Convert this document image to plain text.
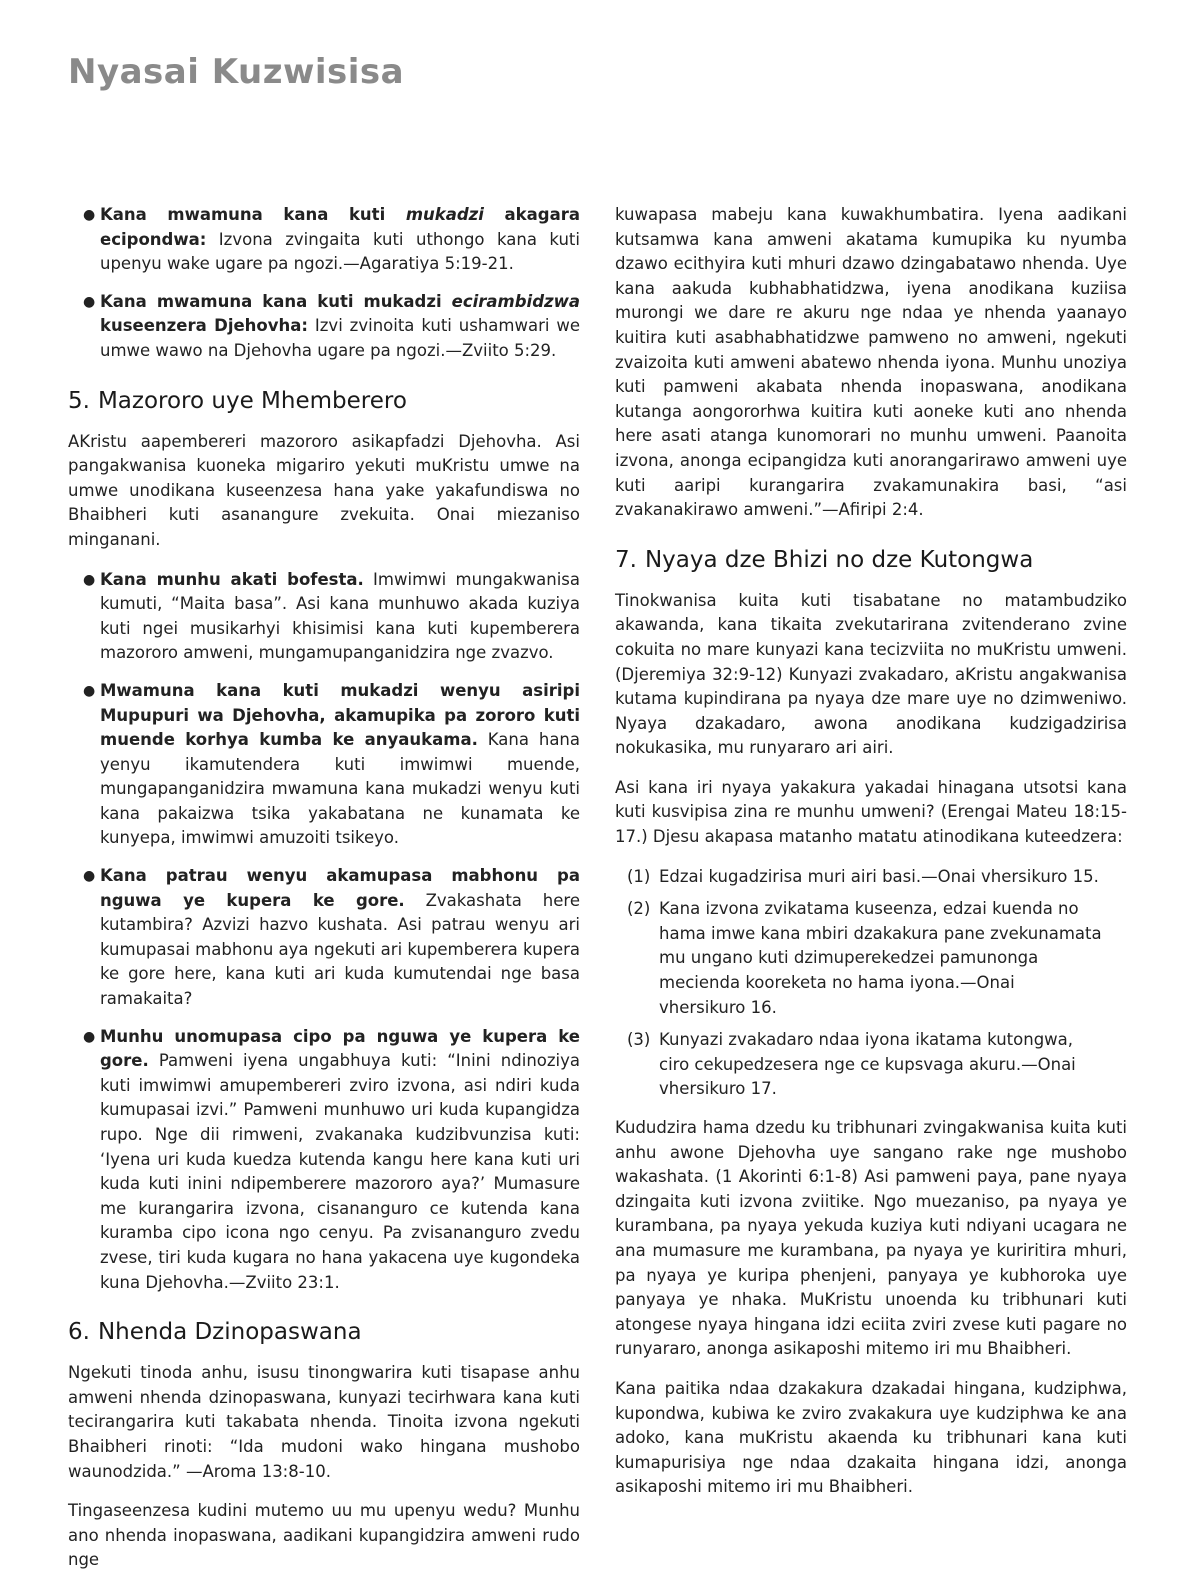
Nyasai Kuzwisisa
● Kana mwamuna kana kuti mukadzi akagara ecipondwa: Izvona zvingaita kuti uthongo kana kuti upenyu wake ugare pa ngozi.—Agaratiya 5:19-21.
● Kana mwamuna kana kuti mukadzi ecirambidzwa kuseenzera Djehovha: Izvi zvinoita kuti ushamwari we umwe wawo na Djehovha ugare pa ngozi.—Zviito 5:29.
5. Mazororo uye Mhemberero

AKristu aapembereri mazororo asikapfadzi Djehovha. Asi pangakwanisa kuoneka migariro yekuti muKristu umwe na umwe unodikana kuseenzesa hana yake yakafundiswa no Bhaibheri kuti asanangure zvekuita. Onai miezaniso minganani.

● Kana munhu akati bofesta. Imwimwi mungakwanisa kumuti, “Maita basa”. Asi kana munhuwo akada kuziya kuti ngei musikarhyi khisimisi kana kuti kupemberera mazororo amweni, mungamupanganidzira nge zvazvo.
● Mwamuna kana kuti mukadzi wenyu asiripi Mupupuri wa Djehovha, akamupika pa zororo kuti muende korhya kumba ke anyaukama. Kana hana yenyu ikamutendera kuti imwimwi muende, mungapanganidzira mwamuna kana mukadzi wenyu kuti kana pakaizwa tsika yakabatana ne kunamata ke kunyepa, imwimwi amuzoiti tsikeyo.
● Kana patrau wenyu akamupasa mabhonu pa nguwa ye kupera ke gore. Zvakashata here kutambira? Azvizi hazvo kushata. Asi patrau wenyu ari kumupasai mabhonu aya ngekuti ari kupemberera kupera ke gore here, kana kuti ari kuda kumutendai nge basa ramakaita?
● Munhu unomupasa cipo pa nguwa ye kupera ke gore. Pamweni iyena ungabhuya kuti: “Inini ndinoziya kuti imwimwi amupembereri zviro izvona, asi ndiri kuda kumupasai izvi.” Pamweni munhuwo uri kuda kupangidza rupo. Nge dii rimweni, zvakanaka kudzibvunzisa kuti: ‘Iyena uri kuda kuedza kutenda kangu here kana kuti uri kuda kuti inini ndipemberere mazororo aya?’ Mumasure me kurangarira izvona, cisananguro ce kutenda kana kuramba cipo icona ngo cenyu. Pa zvisananguro zvedu zvese, tiri kuda kugara no hana yakacena uye kugondeka kuna Djehovha.—Zviito 23:1.
6. Nhenda Dzinopaswana

Ngekuti tinoda anhu, isusu tinongwarira kuti tisapase anhu amweni nhenda dzinopaswana, kunyazi tecirhwara kana kuti tecirangarira kuti takabata nhenda. Tinoita izvona ngekuti Bhaibheri rinoti: “Ida mudoni wako hingana mushobo waunodzida.” —Aroma 13:8-10.

Tingaseenzesa kudini mutemo uu mu upenyu wedu? Munhu ano nhenda inopaswana, aadikani kupangidzira amweni rudo nge

kuwapasa mabeju kana kuwakhumbatira. Iyena aadikani kutsamwa kana amweni akatama kumupika ku nyumba dzawo ecithyira kuti mhuri dzawo dzingabatawo nhenda. Uye kana aakuda kubhabhatidzwa, iyena anodikana kuziisa murongi we dare re akuru nge ndaa ye nhenda yaanayo kuitira kuti asabhabhatidzwe pamweno no amweni, ngekuti zvaizoita kuti amweni abatewo nhenda iyona. Munhu unoziya kuti pamweni akabata nhenda inopaswana, anodikana kutanga aongororhwa kuitira kuti aoneke kuti ano nhenda here asati atanga kunomorari no munhu umweni. Paanoita izvona, anonga ecipangidza kuti anorangarirawo amweni uye kuti aaripi kurangarira zvakamunakira basi, “asi zvakanakirawo amweni.”—Afiripi 2:4.

7. Nyaya dze Bhizi no dze Kutongwa

Tinokwanisa kuita kuti tisabatane no matambudziko akawanda, kana tikaita zvekutarirana zvitenderano zvine cokuita no mare kunyazi kana tecizviita no muKristu umweni. (Djeremiya 32:9-12) Kunyazi zvakadaro, aKristu angakwanisa kutama kupindirana pa nyaya dze mare uye no dzimweniwo. Nyaya dzakadaro, awona anodikana kudzigadzirisa nokukasika, mu runyararo ari airi.

Asi kana iri nyaya yakakura yakadai hinagana utsotsi kana kuti kusvipisa zina re munhu umweni? (Erengai Mateu 18:15-17.) Djesu akapasa matanho matatu atinodikana kuteedzera:

(1) Edzai kugadzirisa muri airi basi.—Onai vhersikuro 15.
(2) Kana izvona zvikatama kuseenza, edzai kuenda no hama imwe kana mbiri dzakakura pane zvekunamata mu ungano kuti dzimuperekedzei pamunonga mecienda kooreketa no hama iyona.—Onai vhersikuro 16.
(3) Kunyazi zvakadaro ndaa iyona ikatama kutongwa, ciro cekupedzesera nge ce kupsvaga akuru.—Onai vhersikuro 17.

Kududzira hama dzedu ku tribhunari zvingakwanisa kuita kuti anhu awone Djehovha uye sangano rake nge mushobo wakashata. (1 Akorinti 6:1-8) Asi pamweni paya, pane nyaya dzingaita kuti izvona zviitike. Ngo muezaniso, pa nyaya ye kurambana, pa nyaya yekuda kuziya kuti ndiyani ucagara ne ana mumasure me kurambana, pa nyaya ye kuriritira mhuri, pa nyaya ye kuripa phenjeni, panyaya ye kubhoroka uye panyaya ye nhaka. MuKristu unoenda ku tribhunari kuti atongese nyaya hingana idzi eciita zviri zvese kuti pagare no runyararo, anonga asikaposhi mitemo iri mu Bhaibheri.

Kana paitika ndaa dzakakura dzakadai hingana, kudziphwa, kupondwa, kubiwa ke zviro zvakakura uye kudziphwa ke ana adoko, kana muKristu akaenda ku tribhunari kana kuti kumapurisiya nge ndaa dzakaita hingana idzi, anonga asikaposhi mitemo iri mu Bhaibheri.
